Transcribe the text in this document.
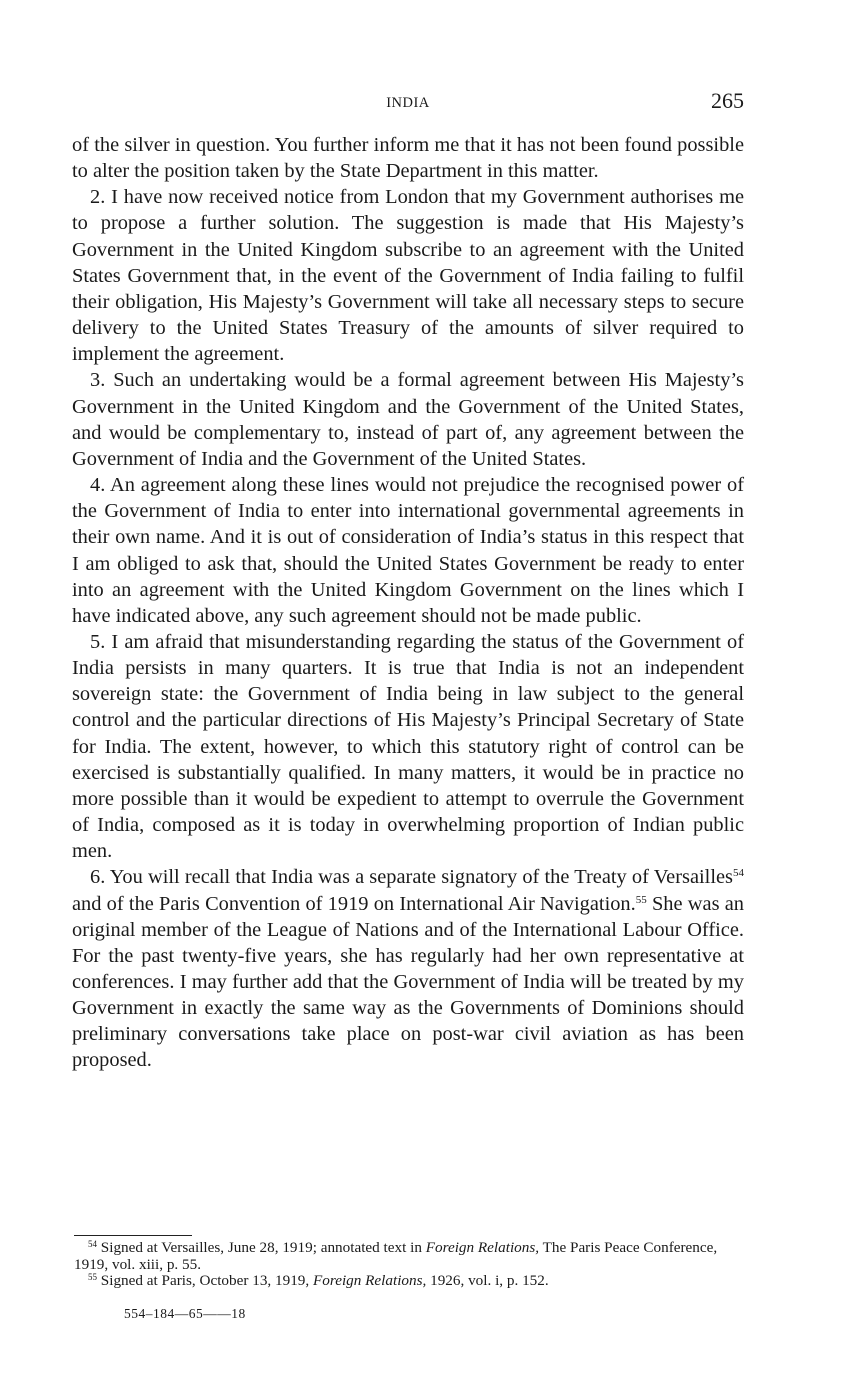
INDIA	265

of the silver in question. You further inform me that it has not been found possible to alter the position taken by the State Department in this matter.

2. I have now received notice from London that my Government authorises me to propose a further solution. The suggestion is made that His Majesty’s Government in the United Kingdom subscribe to an agreement with the United States Government that, in the event of the Government of India failing to fulfil their obligation, His Majesty’s Government will take all necessary steps to secure delivery to the United States Treasury of the amounts of silver required to implement the agreement.

3. Such an undertaking would be a formal agreement between His Majesty’s Government in the United Kingdom and the Government of the United States, and would be complementary to, instead of part of, any agreement between the Government of India and the Government of the United States.

4. An agreement along these lines would not prejudice the recognised power of the Government of India to enter into international governmental agreements in their own name. And it is out of consideration of India’s status in this respect that I am obliged to ask that, should the United States Government be ready to enter into an agreement with the United Kingdom Government on the lines which I have indicated above, any such agreement should not be made public.

5. I am afraid that misunderstanding regarding the status of the Government of India persists in many quarters. It is true that India is not an independent sovereign state: the Government of India being in law subject to the general control and the particular directions of His Majesty’s Principal Secretary of State for India. The extent, however, to which this statutory right of control can be exercised is substantially qualified. In many matters, it would be in practice no more possible than it would be expedient to attempt to overrule the Government of India, composed as it is today in overwhelming proportion of Indian public men.

6. You will recall that India was a separate signatory of the Treaty of Versailles$^{54}$ and of the Paris Convention of 1919 on International Air Navigation.$^{55}$ She was an original member of the League of Nations and of the International Labour Office. For the past twenty-five years, she has regularly had her own representative at conferences. I may further add that the Government of India will be treated by my Government in exactly the same way as the Governments of Dominions should preliminary conversations take place on post-war civil aviation as has been proposed.

$^{54}$ Signed at Versailles, June 28, 1919; annotated text in Foreign Relations, The Paris Peace Conference, 1919, vol. xiii, p. 55.

$^{55}$ Signed at Paris, October 13, 1919, Foreign Relations, 1926, vol. i, p. 152.

554–184—65——18
